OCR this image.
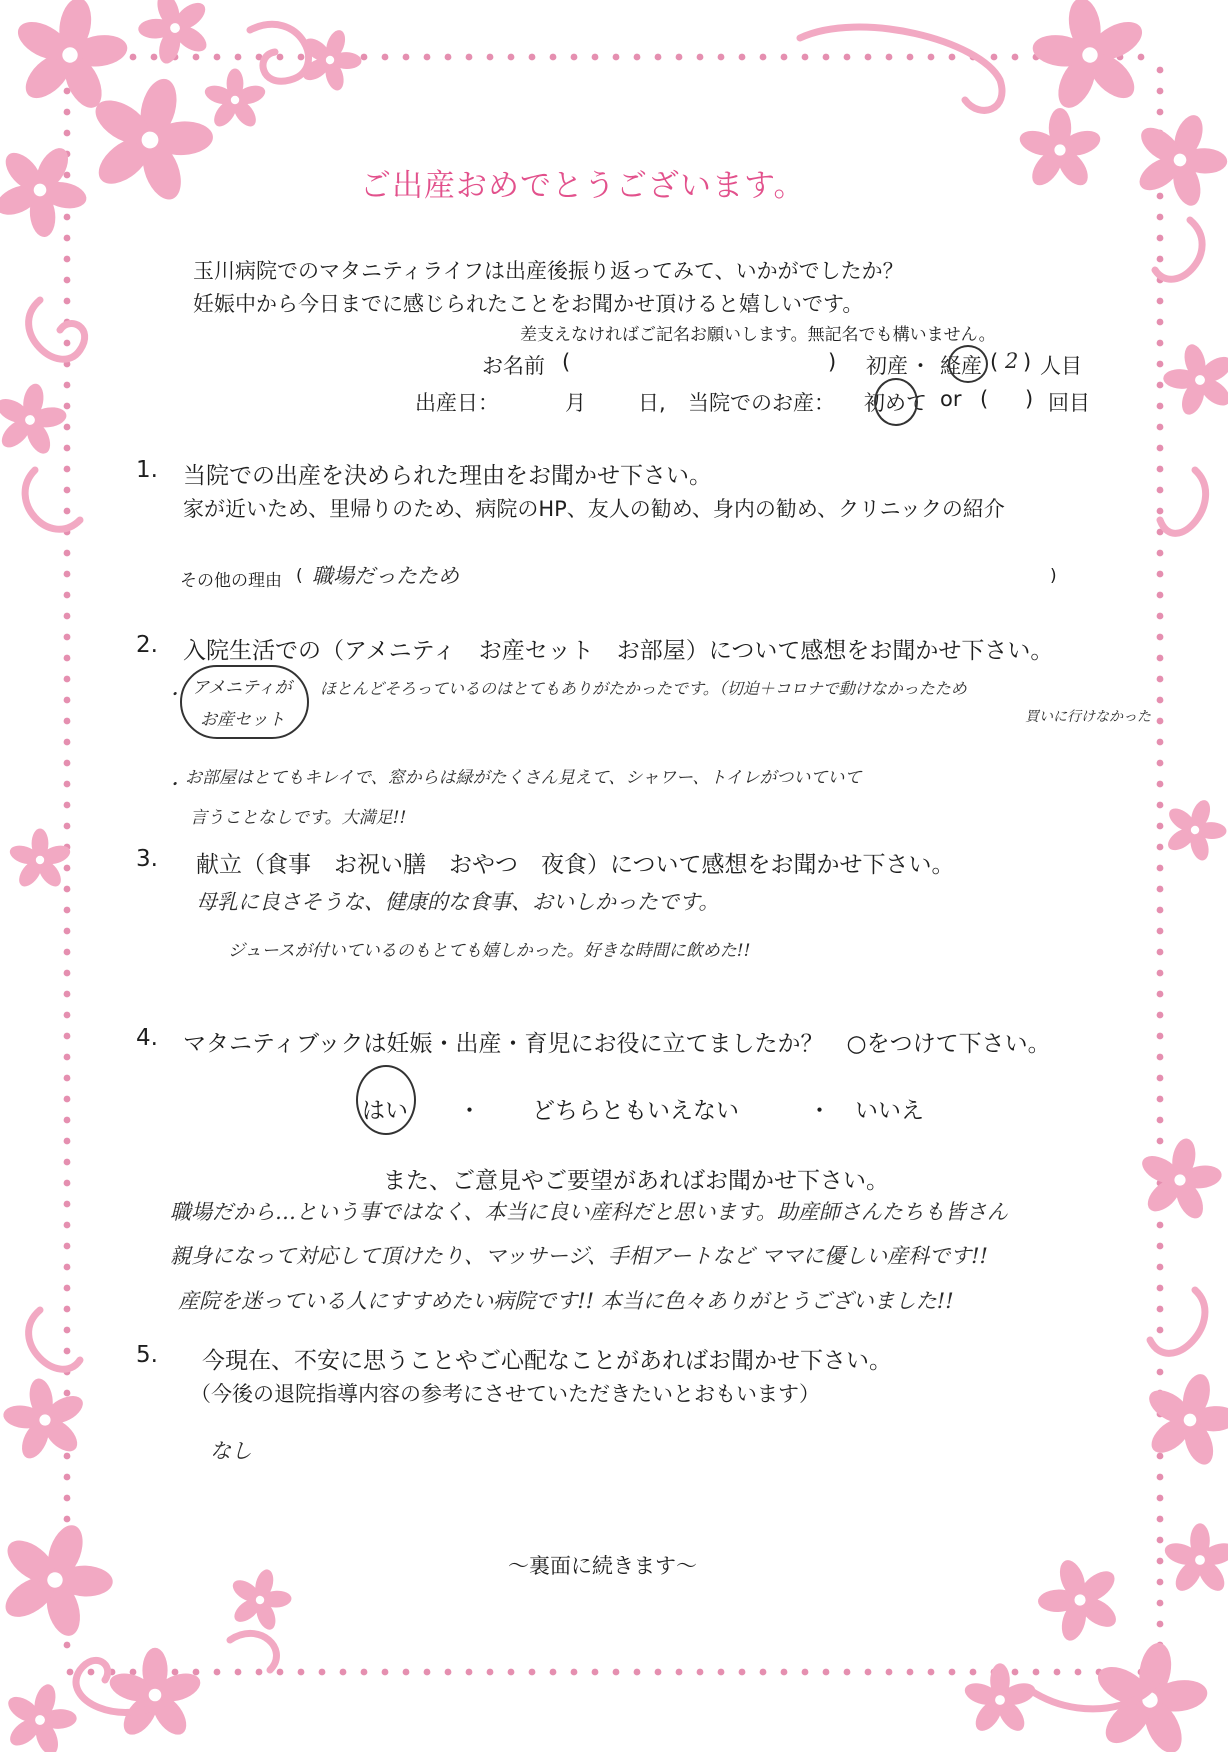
ご出産おめでとうございます。
玉川病院でのマタニティライフは出産後振り返ってみて、いかがでしたか？
妊娠中から今日までに感じられたことをお聞かせ頂けると嬉しいです。
差支えなければご記名お願いします。無記名でも構いません。
お名前 (	) 初産 ・ 経産 ( 2 ) 人目
出産日：	月 日, 当院でのお産： 初めて or ( ) 回目
1. 当院での出産を決められた理由をお聞かせ下さい。
家が近いため、里帰りのため、病院のHP、友人の勧め、身内の勧め、クリニックの紹介
その他の理由 ( 職場だったため	)
2. 入院生活での（アメニティ　お産セット　お部屋）について感想をお聞かせ下さい。
・ アメニティが
お産セット
ほとんどそろっているのはとてもありがたかったです。（切迫＋コロナで動けなかったため
買いに行けなかった
・ お部屋はとてもキレイで、窓からは緑がたくさん見えて、シャワー、トイレがついていて
言うことなしです。大満足!!
3. 献立（食事　お祝い膳　おやつ　夜食）について感想をお聞かせ下さい。
母乳に良さそうな、健康的な食事、おいしかったです。
ジュースが付いているのもとても嬉しかった。好きな時間に飲めた!!
4. マタニティブックは妊娠・出産・育児にお役に立てましたか？　○をつけて下さい。
はい ・ どちらともいえない	・ いいえ
また、ご意見やご要望があればお聞かせ下さい。
職場だから…という事ではなく、本当に良い産科だと思います。助産師さんたちも皆さん
親身になって対応して頂けたり、マッサージ、手相アートなど ママに優しい産科です!!
産院を迷っている人にすすめたい病院です!! 本当に色々ありがとうございました!!
5. 今現在、不安に思うことやご心配なことがあればお聞かせ下さい。
（今後の退院指導内容の参考にさせていただきたいとおもいます）
なし
～裏面に続きます～
